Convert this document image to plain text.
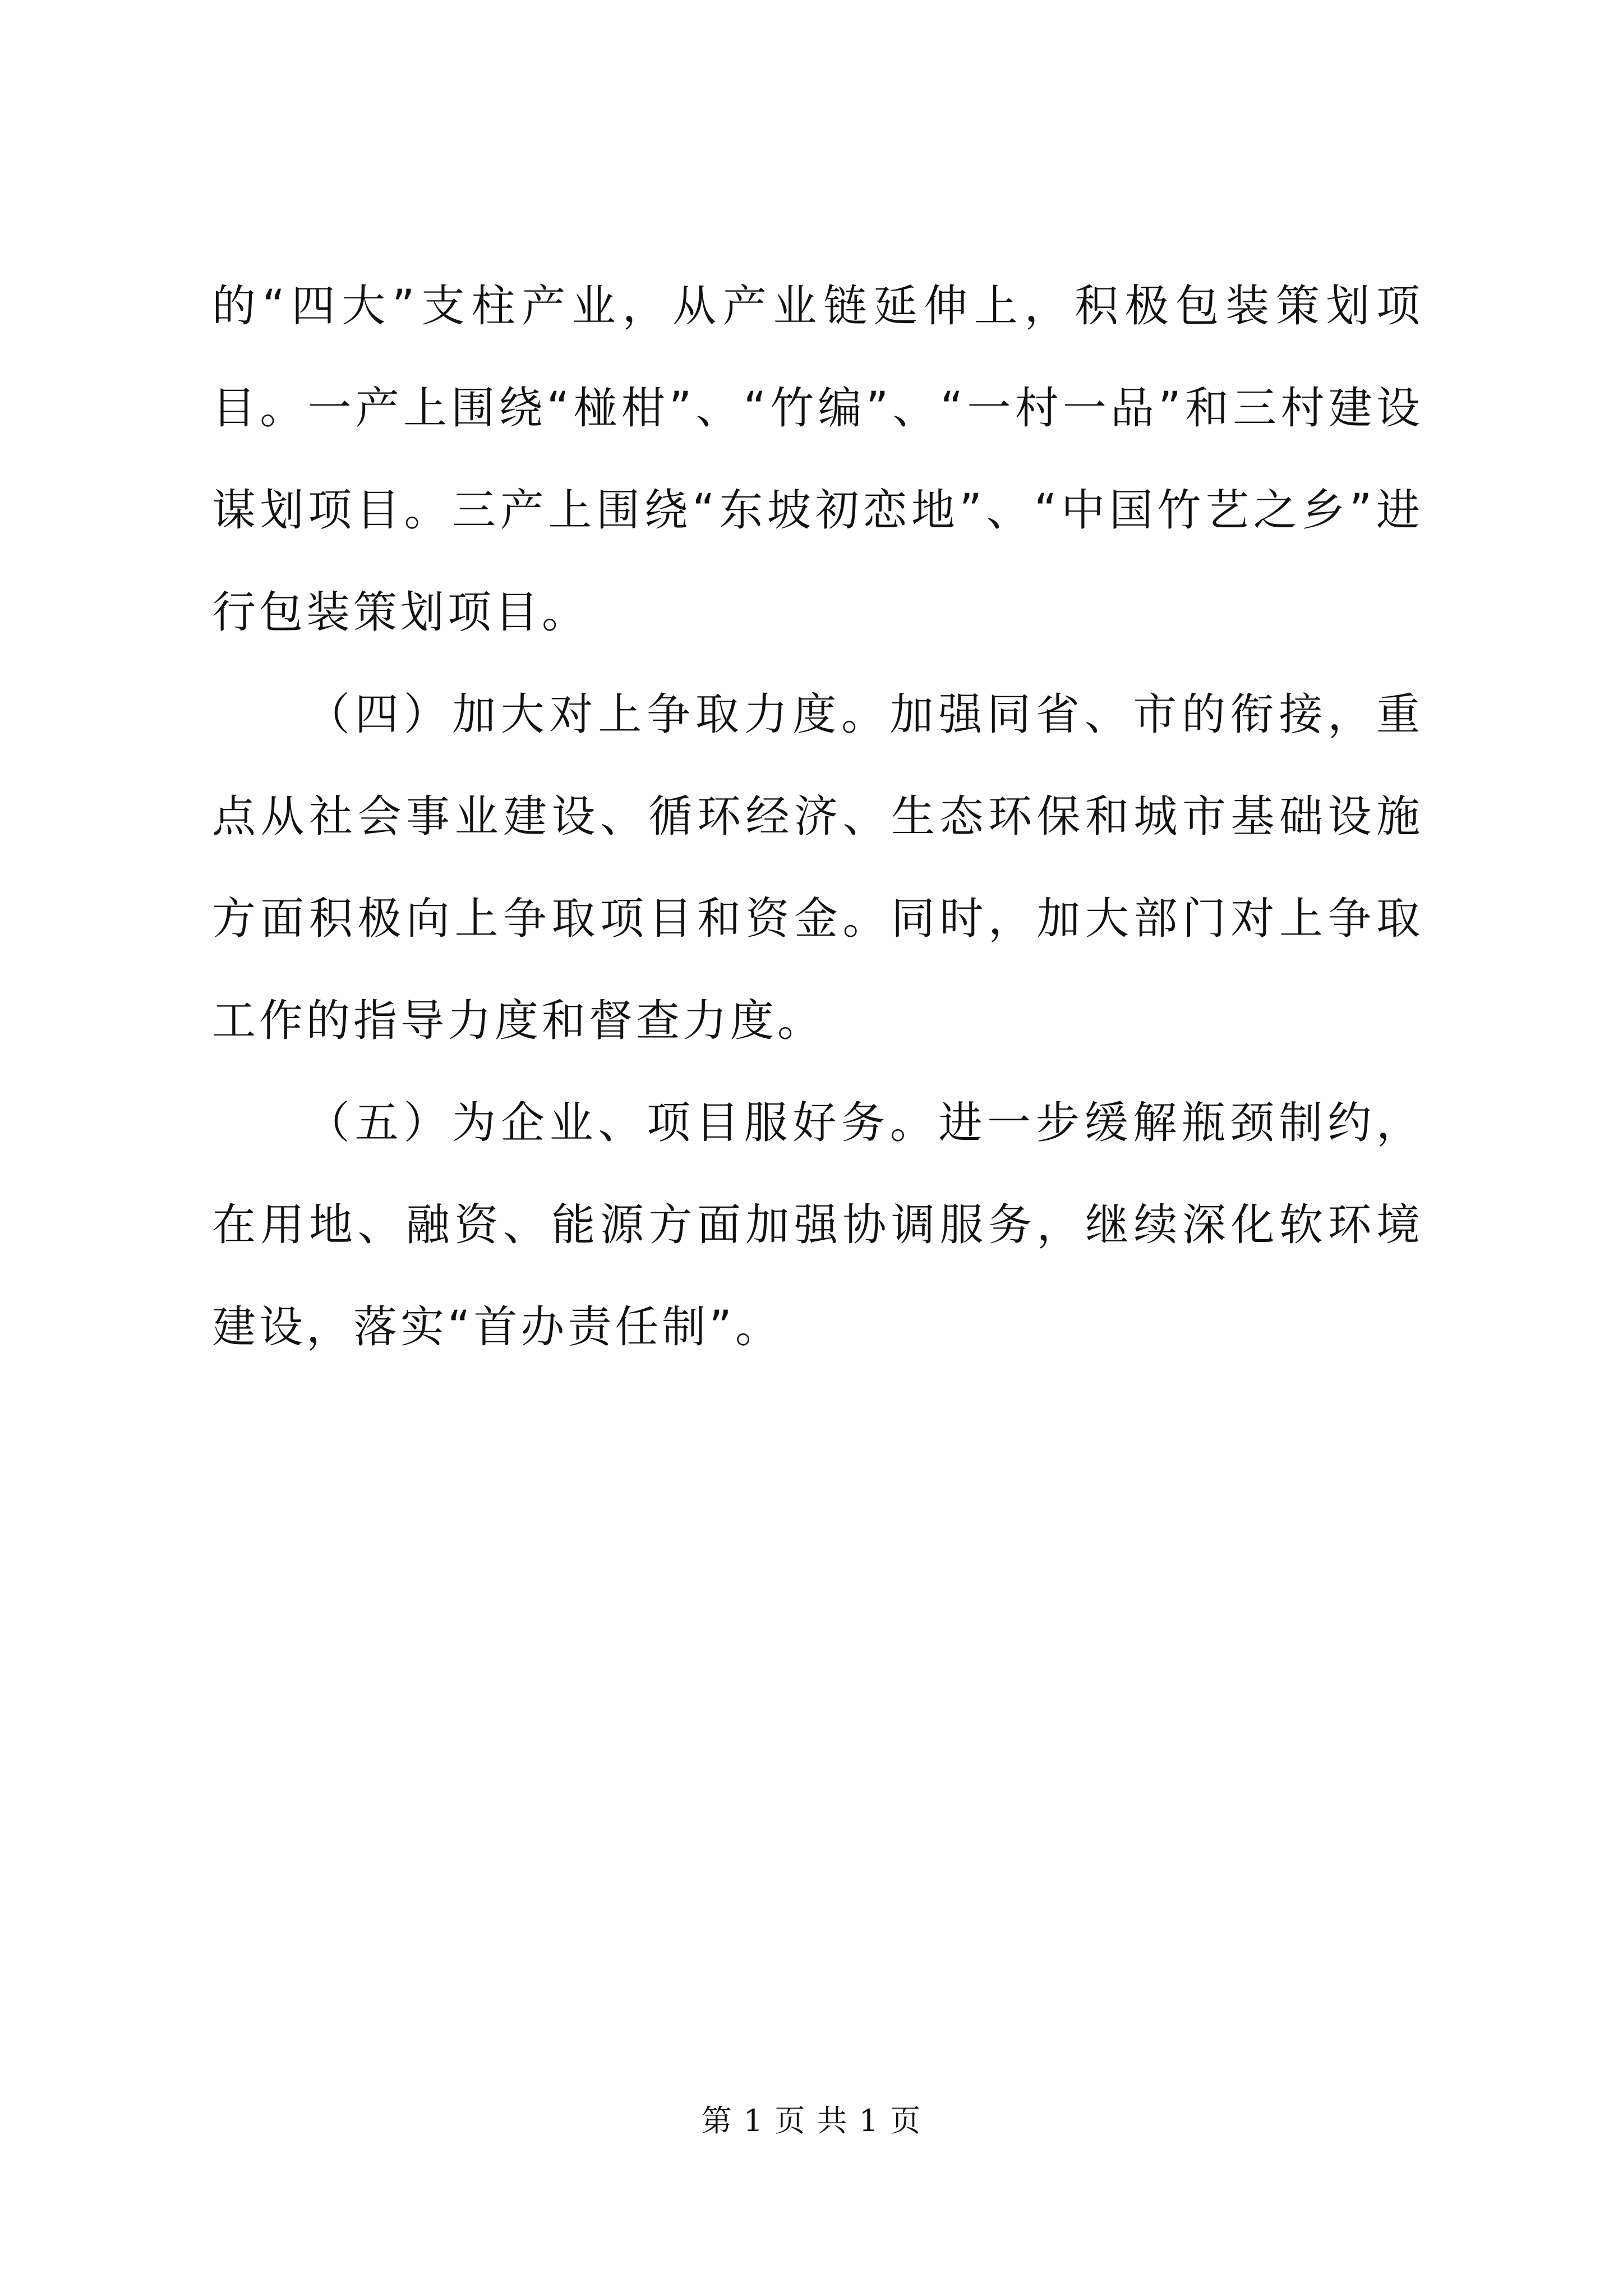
的“四大”支柱产业，从产业链延伸上，积极包装策划项目。一产上围绕“椪柑”、“竹编”、“一村一品”和三村建设谋划项目。三产上围绕“东坡初恋地”、“中国竹艺之乡”进行包装策划项目。

（四）加大对上争取力度。加强同省、市的衔接，重点从社会事业建设、循环经济、生态环保和城市基础设施方面积极向上争取项目和资金。同时，加大部门对上争取工作的指导力度和督查力度。

（五）为企业、项目服好务。进一步缓解瓶颈制约，在用地、融资、能源方面加强协调服务，继续深化软环境建设，落实“首办责任制”。

第 1 页 共 1 页
